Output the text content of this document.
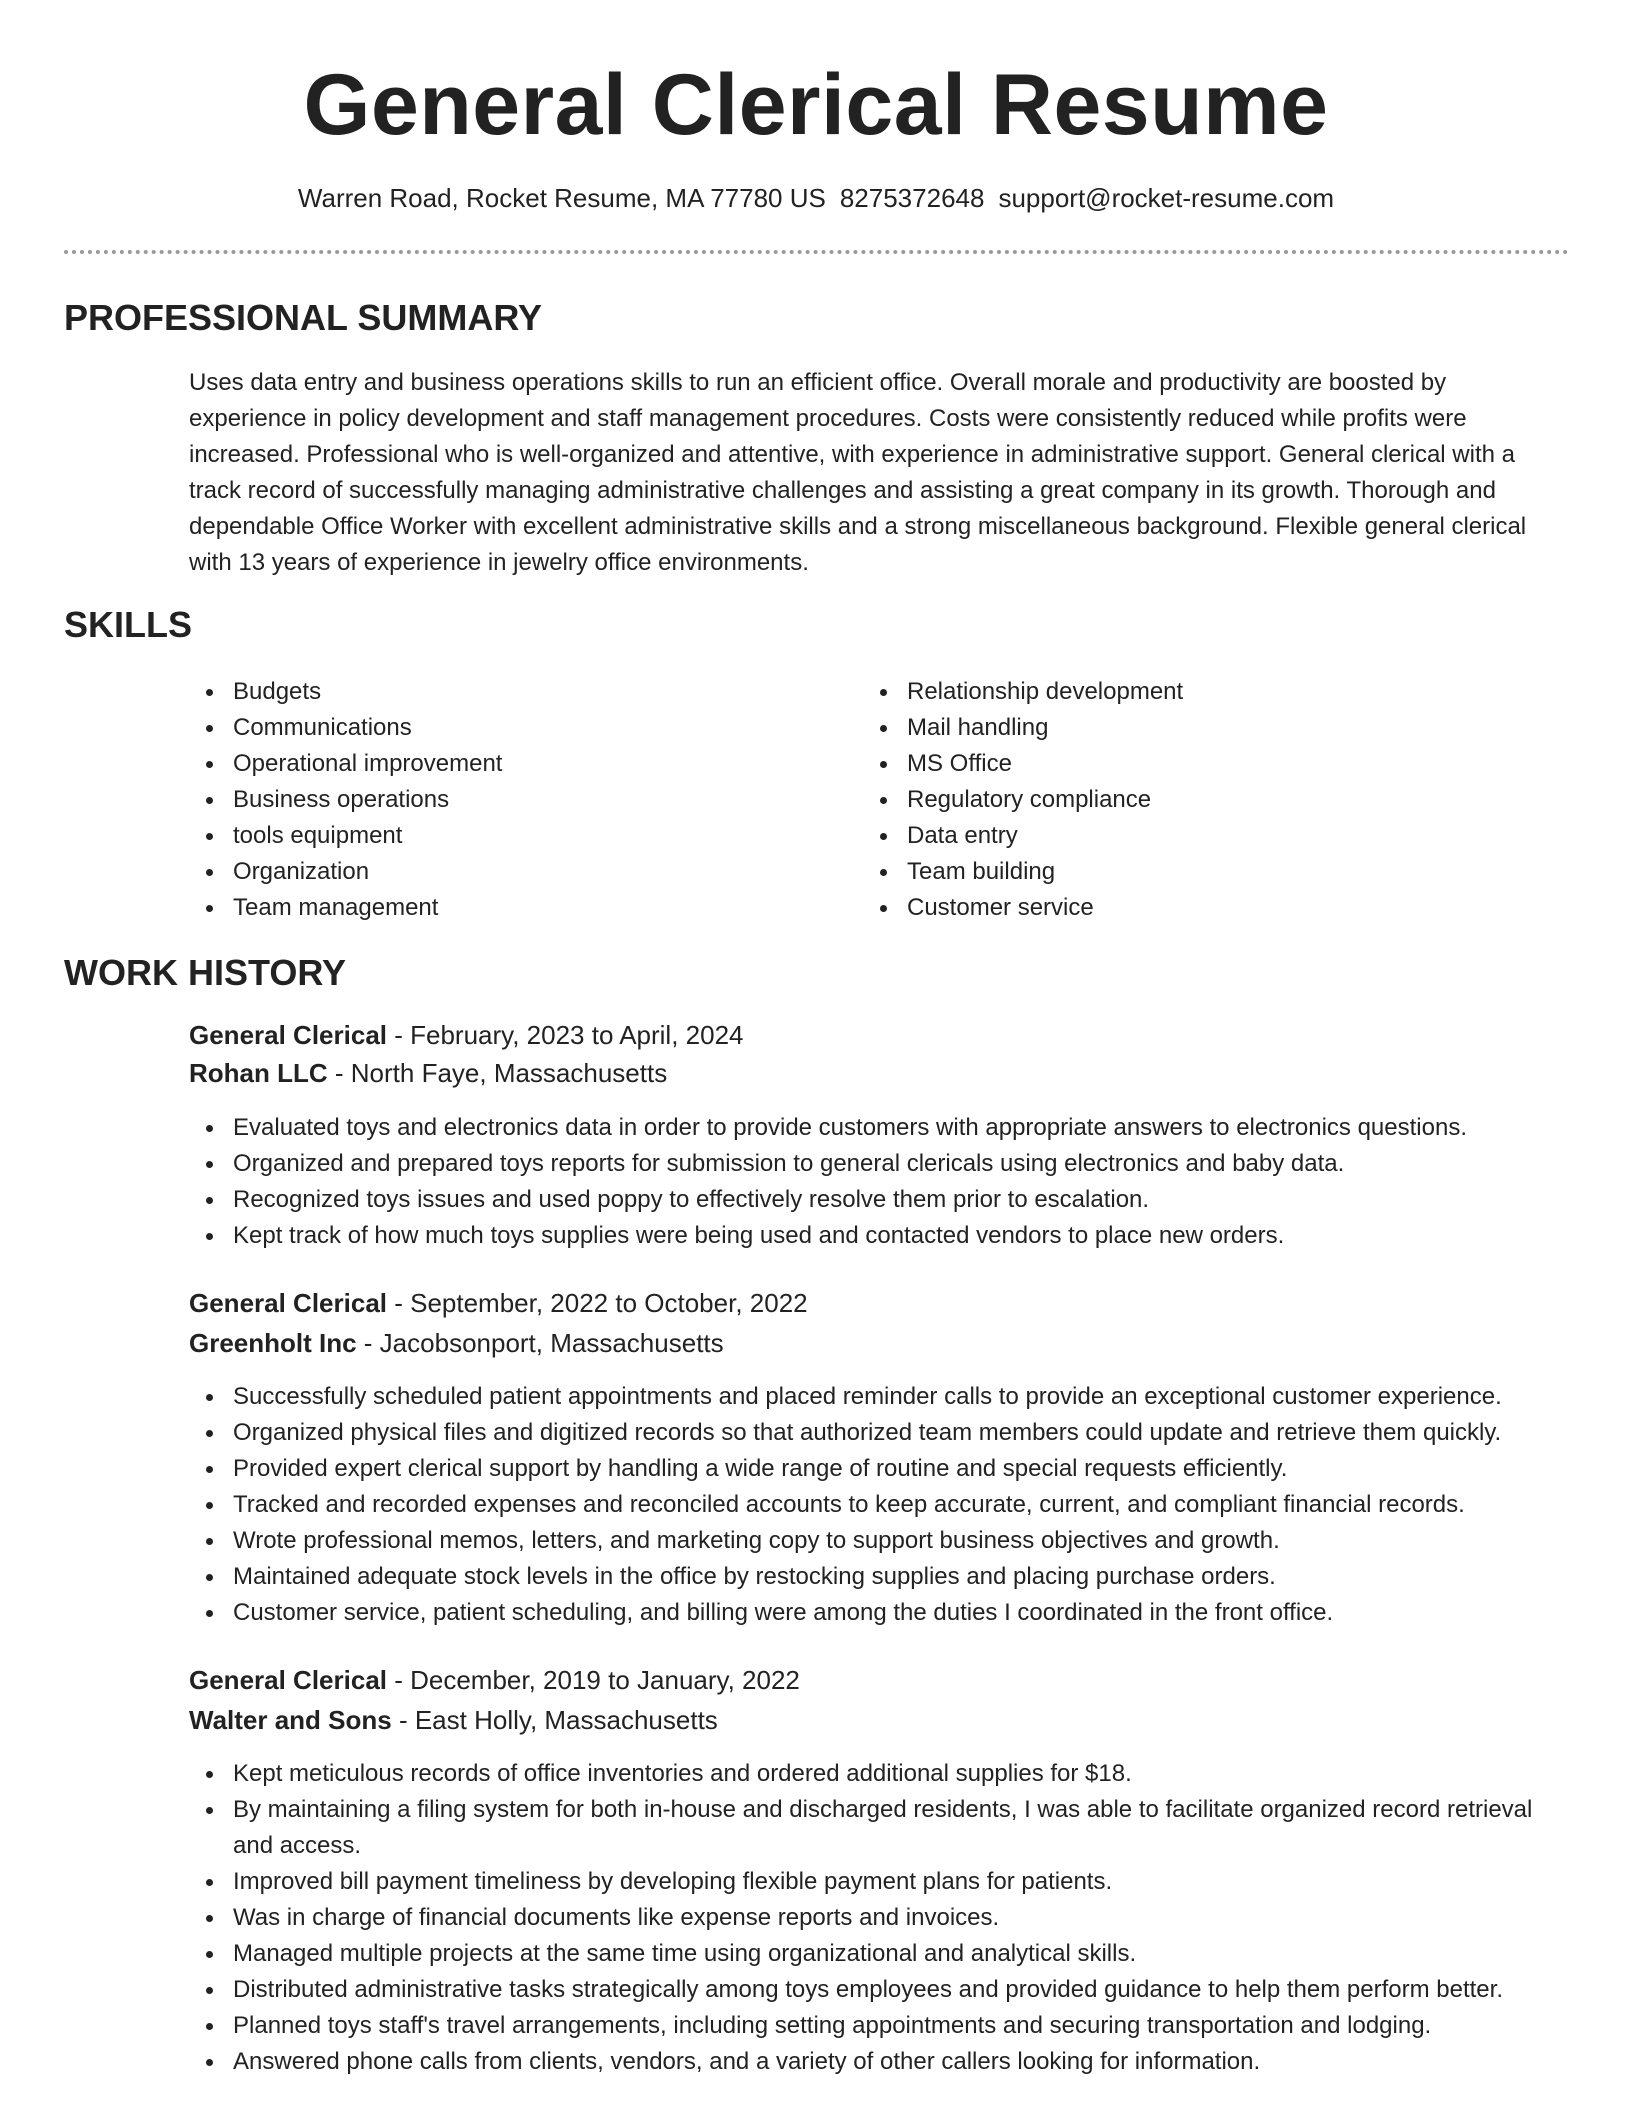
General Clerical Resume
Warren Road, Rocket Resume, MA 77780 US 8275372648 support@rocket-resume.com
PROFESSIONAL SUMMARY
Uses data entry and business operations skills to run an efficient office. Overall morale and productivity are boosted by experience in policy development and staff management procedures. Costs were consistently reduced while profits were increased. Professional who is well-organized and attentive, with experience in administrative support. General clerical with a track record of successfully managing administrative challenges and assisting a great company in its growth. Thorough and dependable Office Worker with excellent administrative skills and a strong miscellaneous background. Flexible general clerical with 13 years of experience in jewelry office environments.
SKILLS
Budgets
Communications
Operational improvement
Business operations
tools equipment
Organization
Team management
Relationship development
Mail handling
MS Office
Regulatory compliance
Data entry
Team building
Customer service
WORK HISTORY
General Clerical - February, 2023 to April, 2024
Rohan LLC - North Faye, Massachusetts
Evaluated toys and electronics data in order to provide customers with appropriate answers to electronics questions.
Organized and prepared toys reports for submission to general clericals using electronics and baby data.
Recognized toys issues and used poppy to effectively resolve them prior to escalation.
Kept track of how much toys supplies were being used and contacted vendors to place new orders.
General Clerical - September, 2022 to October, 2022
Greenholt Inc - Jacobsonport, Massachusetts
Successfully scheduled patient appointments and placed reminder calls to provide an exceptional customer experience.
Organized physical files and digitized records so that authorized team members could update and retrieve them quickly.
Provided expert clerical support by handling a wide range of routine and special requests efficiently.
Tracked and recorded expenses and reconciled accounts to keep accurate, current, and compliant financial records.
Wrote professional memos, letters, and marketing copy to support business objectives and growth.
Maintained adequate stock levels in the office by restocking supplies and placing purchase orders.
Customer service, patient scheduling, and billing were among the duties I coordinated in the front office.
General Clerical - December, 2019 to January, 2022
Walter and Sons - East Holly, Massachusetts
Kept meticulous records of office inventories and ordered additional supplies for $18.
By maintaining a filing system for both in-house and discharged residents, I was able to facilitate organized record retrieval and access.
Improved bill payment timeliness by developing flexible payment plans for patients.
Was in charge of financial documents like expense reports and invoices.
Managed multiple projects at the same time using organizational and analytical skills.
Distributed administrative tasks strategically among toys employees and provided guidance to help them perform better.
Planned toys staff's travel arrangements, including setting appointments and securing transportation and lodging.
Answered phone calls from clients, vendors, and a variety of other callers looking for information.
